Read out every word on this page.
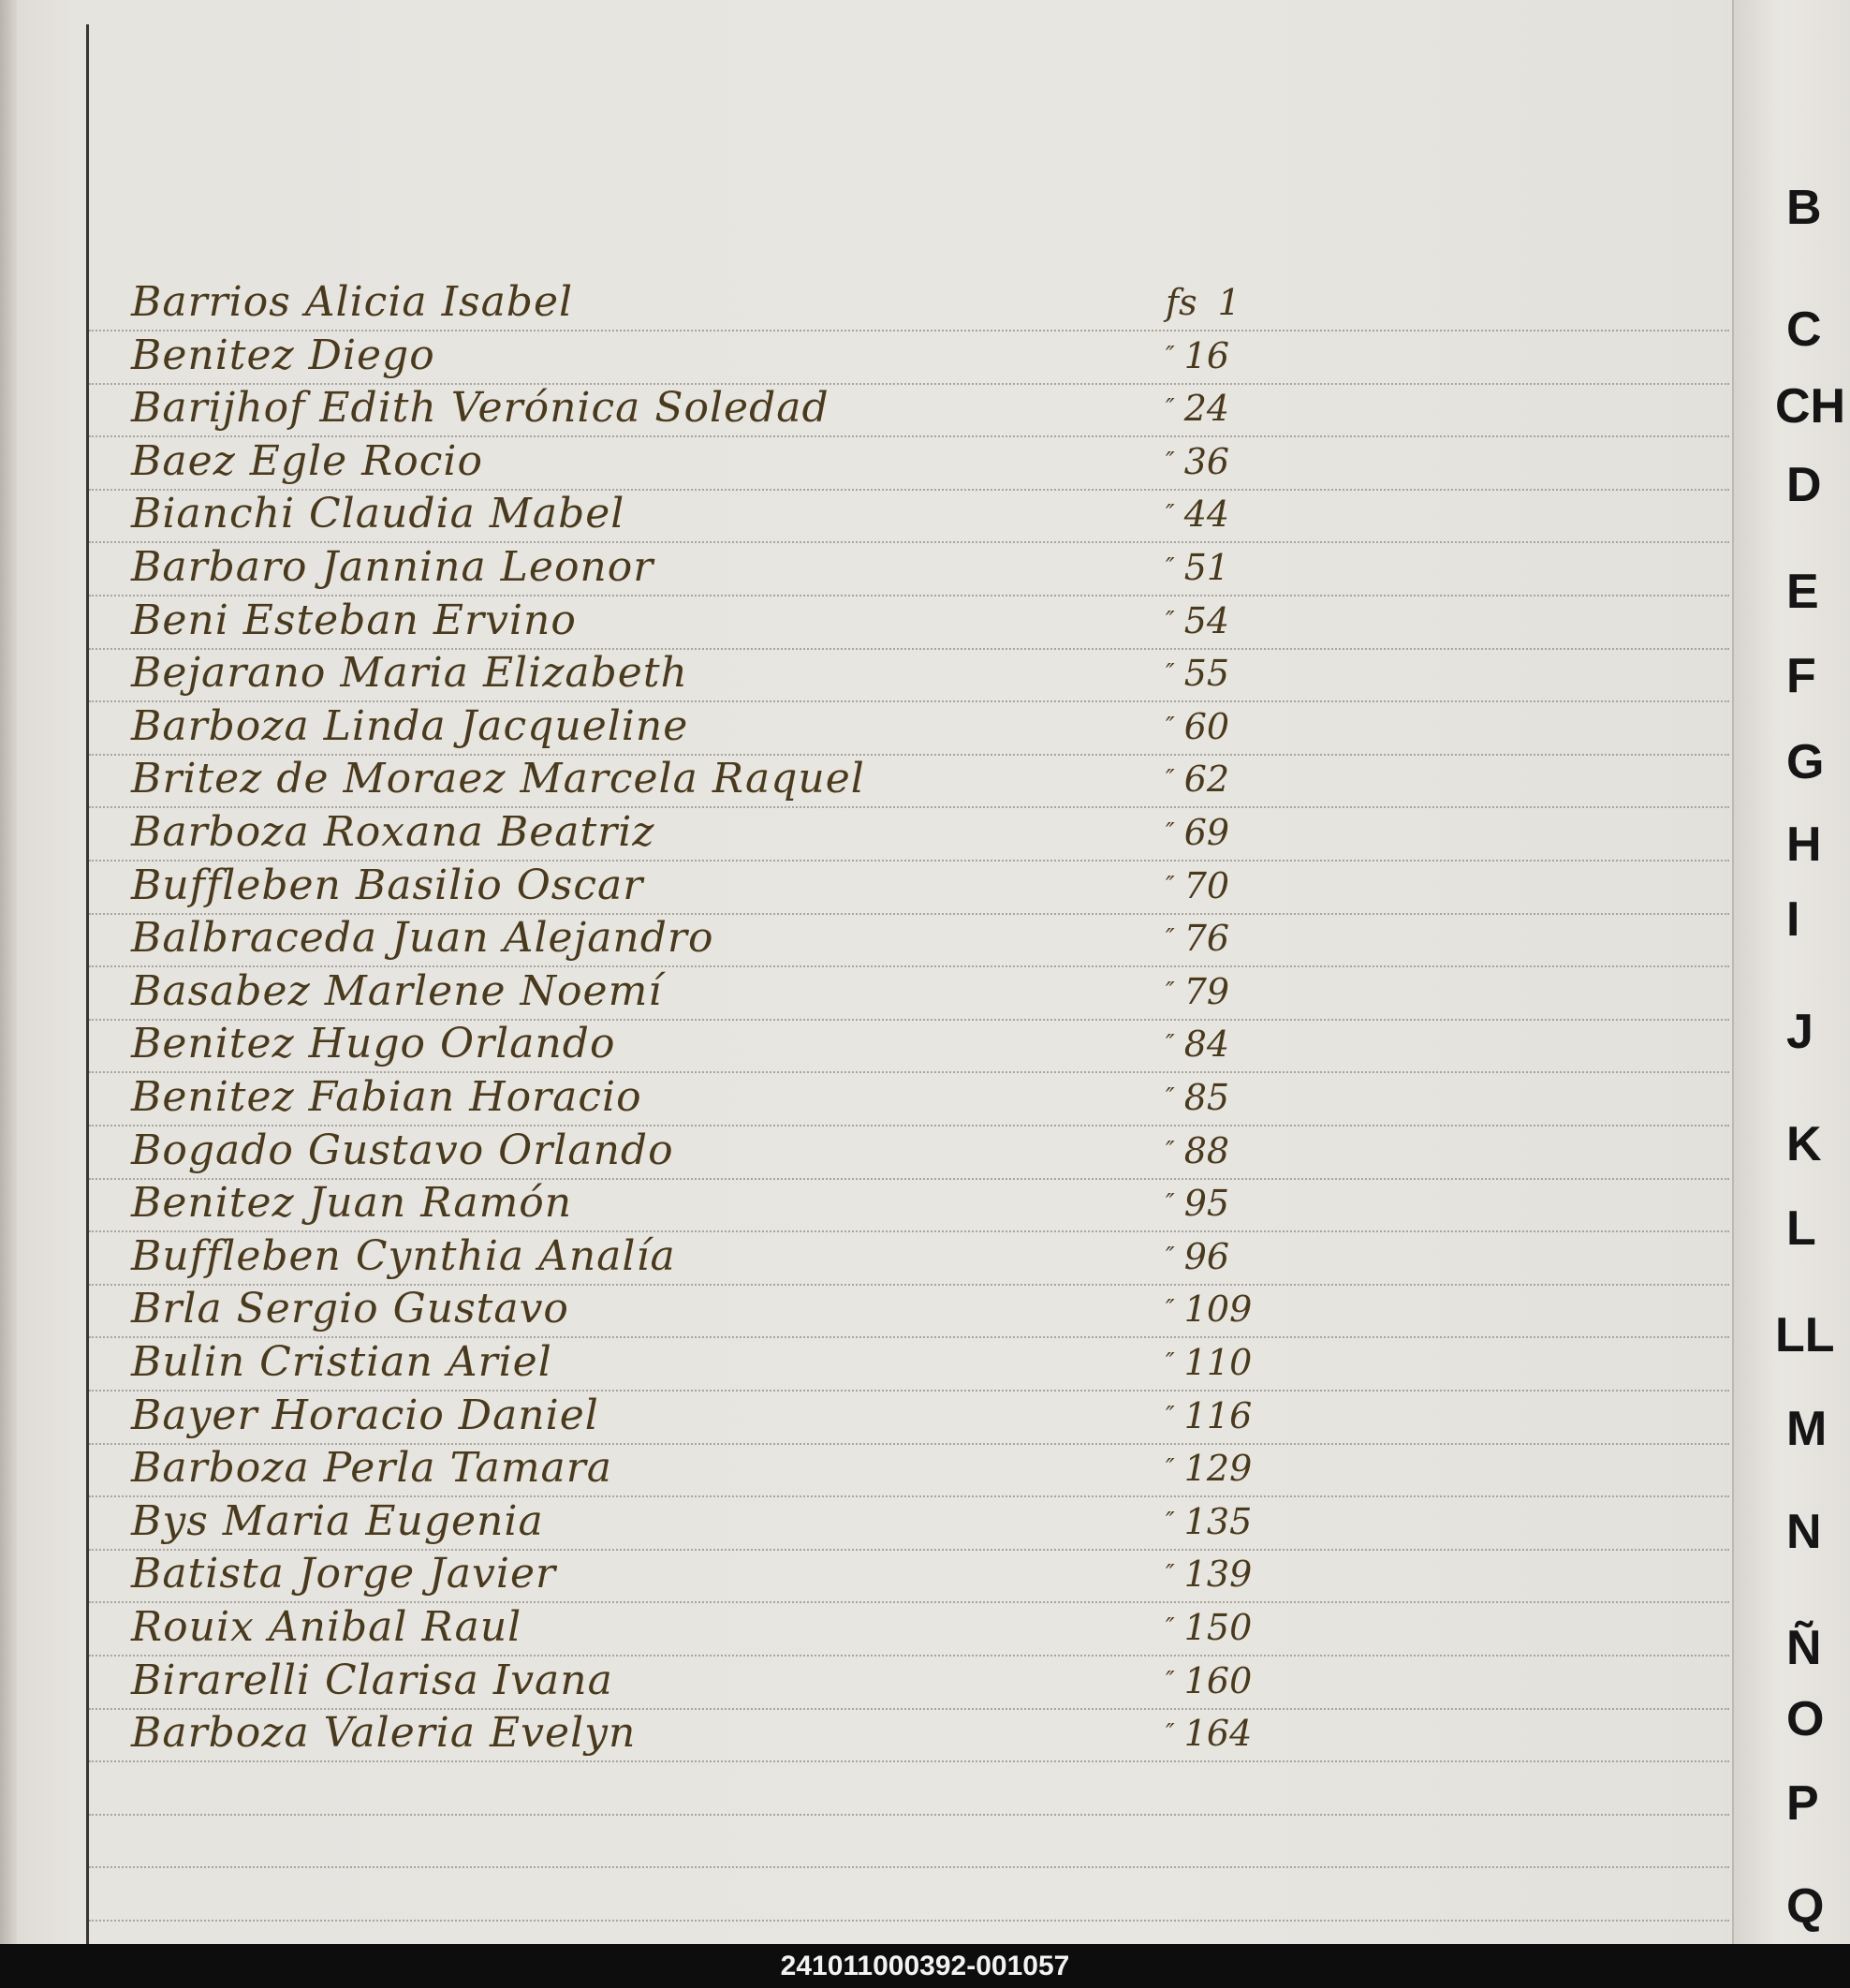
Barrios Alicia Isabel	fs 1
Benitez Diego	″ 16
Barijhof Edith Verónica Soledad	″ 24
Baez Egle Rocio	″ 36
Bianchi Claudia Mabel	″ 44
Barbaro Jannina Leonor	″ 51
Beni Esteban Ervino	″ 54
Bejarano Maria Elizabeth	″ 55
Barboza Linda Jacqueline	″ 60
Britez de Moraez Marcela Raquel	″ 62
Barboza Roxana Beatriz	″ 69
Buffleben Basilio Oscar	″ 70
Balbraceda Juan Alejandro	″ 76
Basabez Marlene Noemí	″ 79
Benitez Hugo Orlando	″ 84
Benitez Fabian Horacio	″ 85
Bogado Gustavo Orlando	″ 88
Benitez Juan Ramón	″ 95
Buffleben Cynthia Analía	″ 96
Brla Sergio Gustavo	″ 109
Bulin Cristian Ariel	″ 110
Bayer Horacio Daniel	″ 116
Barboza Perla Tamara	″ 129
Bys Maria Eugenia	″ 135
Batista Jorge Javier	″ 139
Rouix Anibal Raul	″ 150
Birarelli Clarisa Ivana	″ 160
Barboza Valeria Evelyn	″ 164
B
C
CH
D
E
F
G
H
I
J
K
L
LL
M
N
Ñ
O
P
Q
241011000392-001057
